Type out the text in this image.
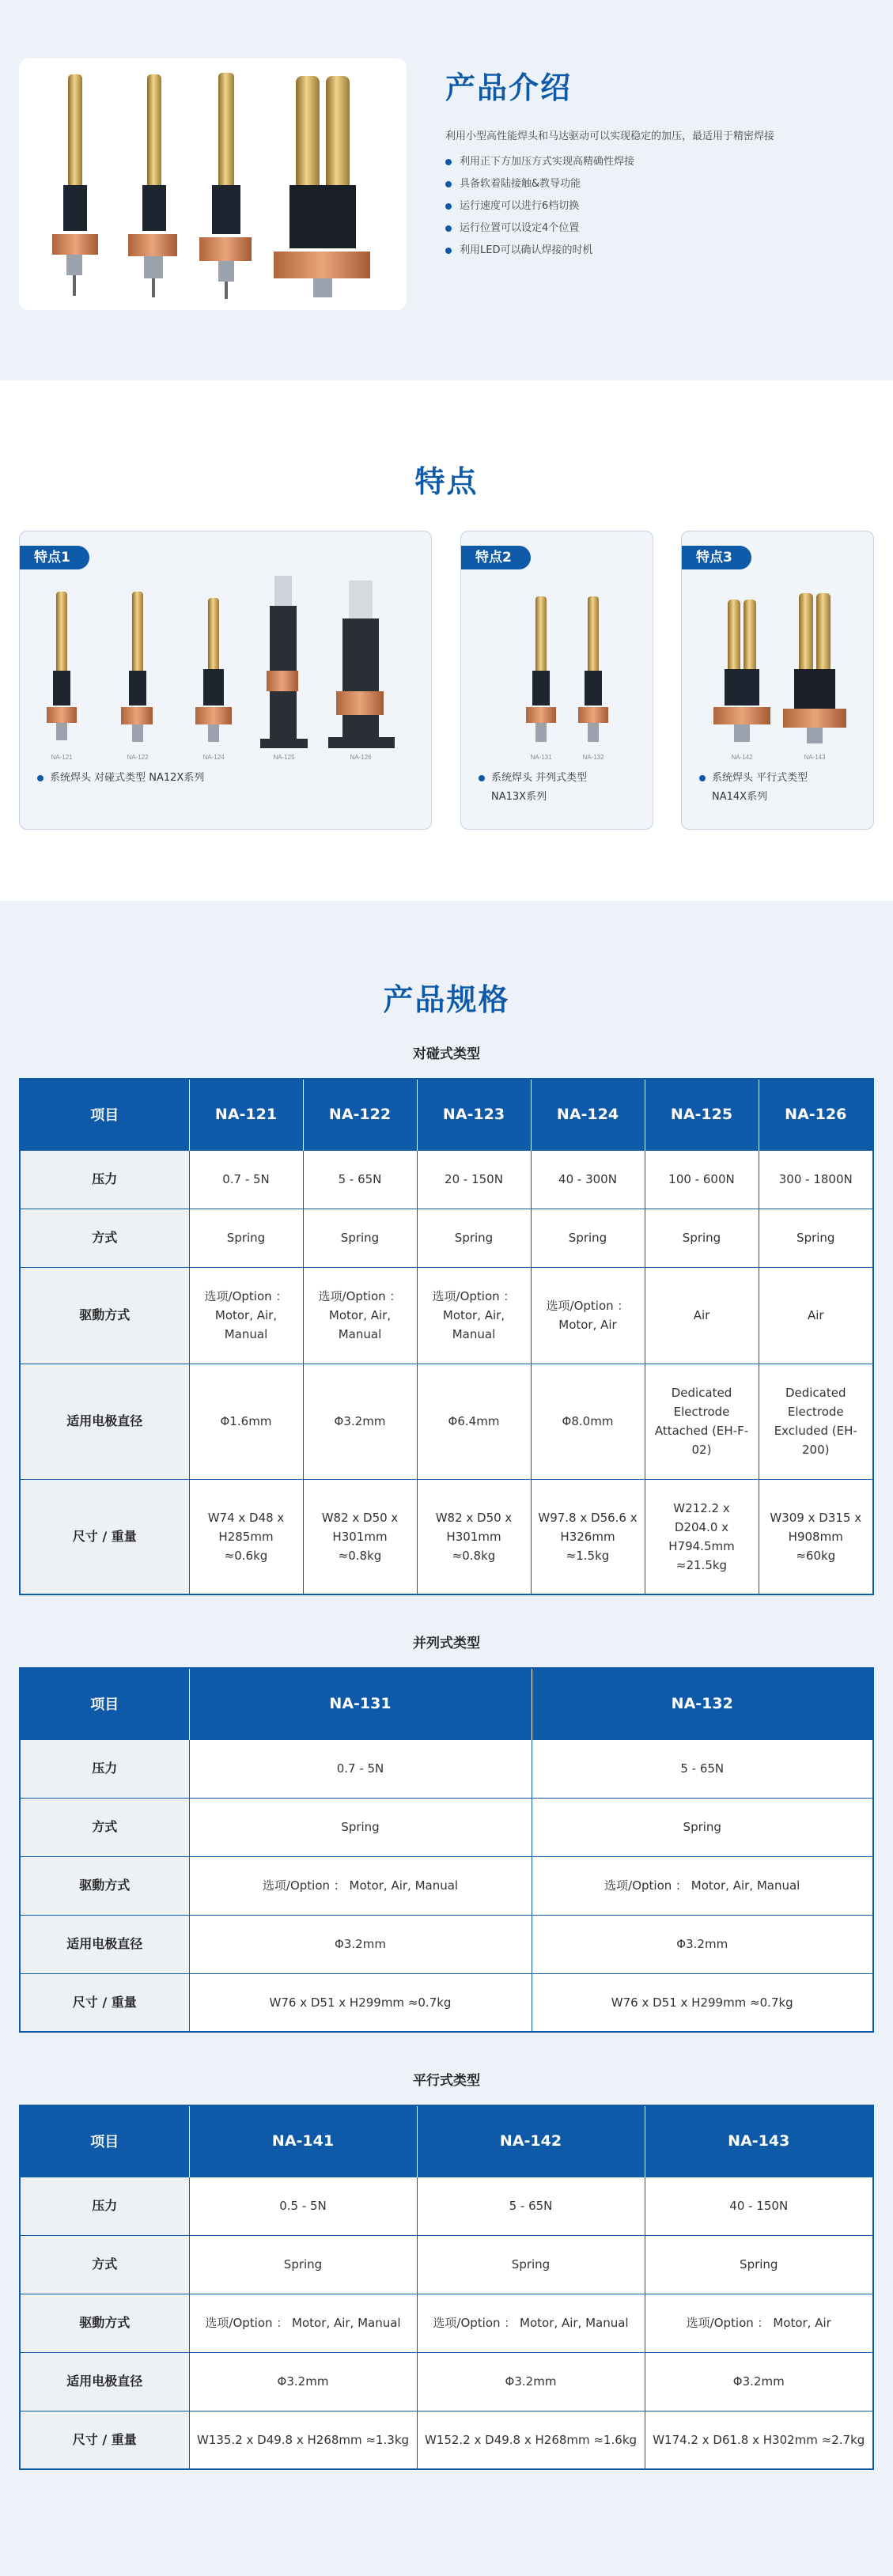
产品介绍

利用小型高性能焊头和马达驱动可以实现稳定的加压，最适用于精密焊接

利用正下方加压方式实现高精确性焊接
具备软着陆接触&教导功能
运行速度可以进行6档切换
运行位置可以设定4个位置
利用LED可以确认焊接的时机
特点
特点1
NA-121	NA-122	NA-124	NA-125	NA-126
系统焊头 对碰式类型 NA12X系列
特点2
NA-131	NA-132
系统焊头 并列式类型
NA13X系列
特点3
NA-142	NA-143
系统焊头 平行式类型
NA14X系列
产品规格
对碰式类型
项目	NA-121	NA-122	NA-123	NA-124	NA-125	NA-126
压力	0.7 - 5N	5 - 65N	20 - 150N	40 - 300N	100 - 600N	300 - 1800N
方式	Spring	Spring	Spring	Spring	Spring	Spring
驱動方式	选项/Option ：
Motor, Air,
Manual	选项/Option ：
Motor, Air,
Manual	选项/Option ：
Motor, Air,
Manual	选项/Option ：
Motor, Air	Air	Air
适用电极直径	Φ1.6mm	Φ3.2mm	Φ6.4mm	Φ8.0mm	Dedicated
Electrode
Attached (EH-F-
02)	Dedicated
Electrode
Excluded (EH-
200)
尺寸 / 重量	W74 x D48 x
H285mm
≈0.6kg	W82 x D50 x
H301mm
≈0.8kg	W82 x D50 x
H301mm
≈0.8kg	W97.8 x D56.6 x
H326mm
≈1.5kg	W212.2 x
D204.0 x
H794.5mm
≈21.5kg	W309 x D315 x
H908mm
≈60kg
并列式类型
项目	NA-131	NA-132
压力	0.7 - 5N	5 - 65N
方式	Spring	Spring
驱動方式	选项/Option ： Motor, Air, Manual	选项/Option ： Motor, Air, Manual
适用电极直径	Φ3.2mm	Φ3.2mm
尺寸 / 重量	W76 x D51 x H299mm ≈0.7kg	W76 x D51 x H299mm ≈0.7kg
平行式类型
项目	NA-141	NA-142	NA-143
压力	0.5 - 5N	5 - 65N	40 - 150N
方式	Spring	Spring	Spring
驱動方式	选项/Option ： Motor, Air, Manual	选项/Option ： Motor, Air, Manual	选项/Option ： Motor, Air
适用电极直径	Φ3.2mm	Φ3.2mm	Φ3.2mm
尺寸 / 重量	W135.2 x D49.8 x H268mm ≈1.3kg	W152.2 x D49.8 x H268mm ≈1.6kg	W174.2 x D61.8 x H302mm ≈2.7kg
